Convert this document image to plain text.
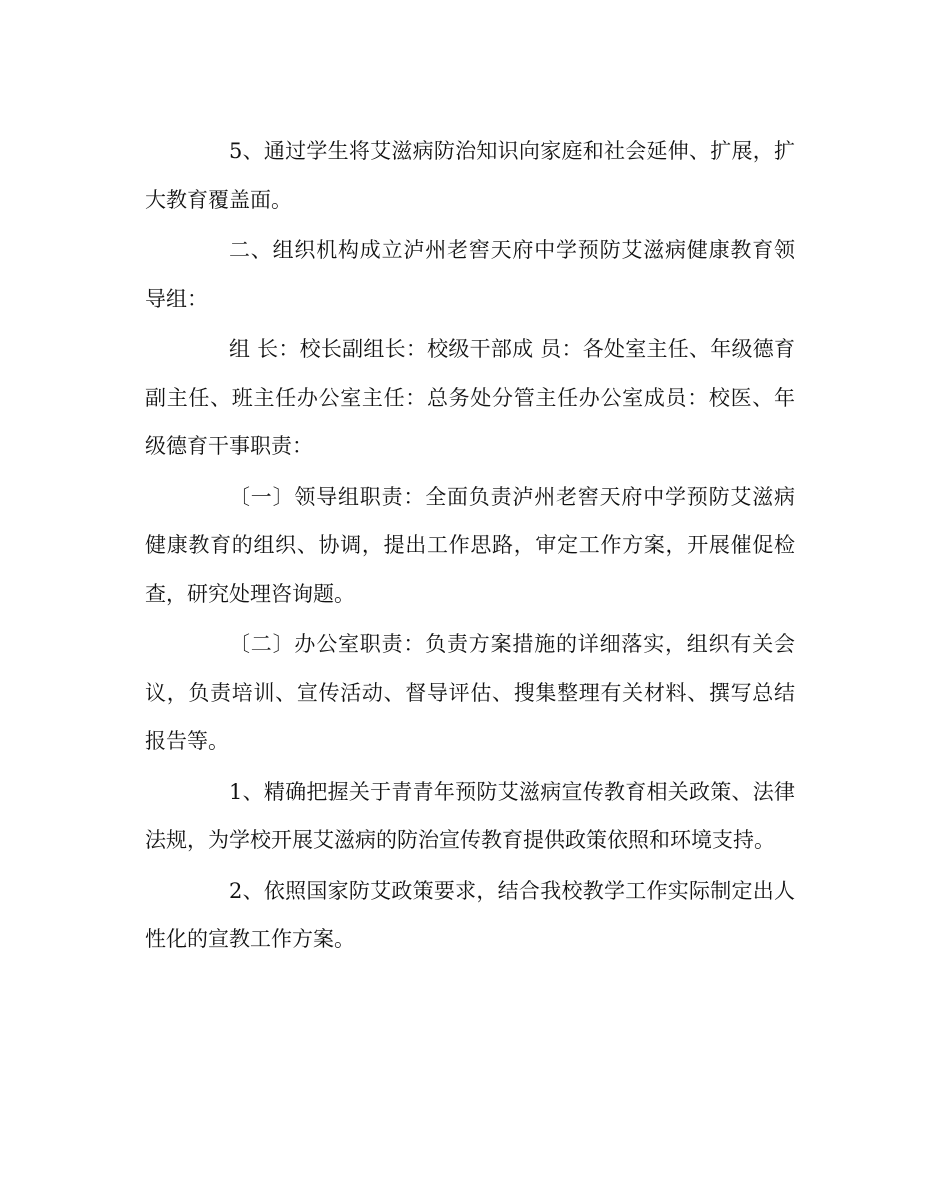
5、通过学生将艾滋病防治知识向家庭和社会延伸、扩展，扩大教育覆盖面。

二、组织机构成立泸州老窖天府中学预防艾滋病健康教育领导组：

组 长：校长副组长：校级干部成 员：各处室主任、年级德育副主任、班主任办公室主任：总务处分管主任办公室成员：校医、年级德育干事职责：

〔一〕领导组职责：全面负责泸州老窖天府中学预防艾滋病健康教育的组织、协调，提出工作思路，审定工作方案，开展催促检查，研究处理咨询题。

〔二〕办公室职责：负责方案措施的详细落实，组织有关会议，负责培训、宣传活动、督导评估、搜集整理有关材料、撰写总结报告等。

1、精确把握关于青青年预防艾滋病宣传教育相关政策、法律法规，为学校开展艾滋病的防治宣传教育提供政策依照和环境支持。

2、依照国家防艾政策要求，结合我校教学工作实际制定出人性化的宣教工作方案。
